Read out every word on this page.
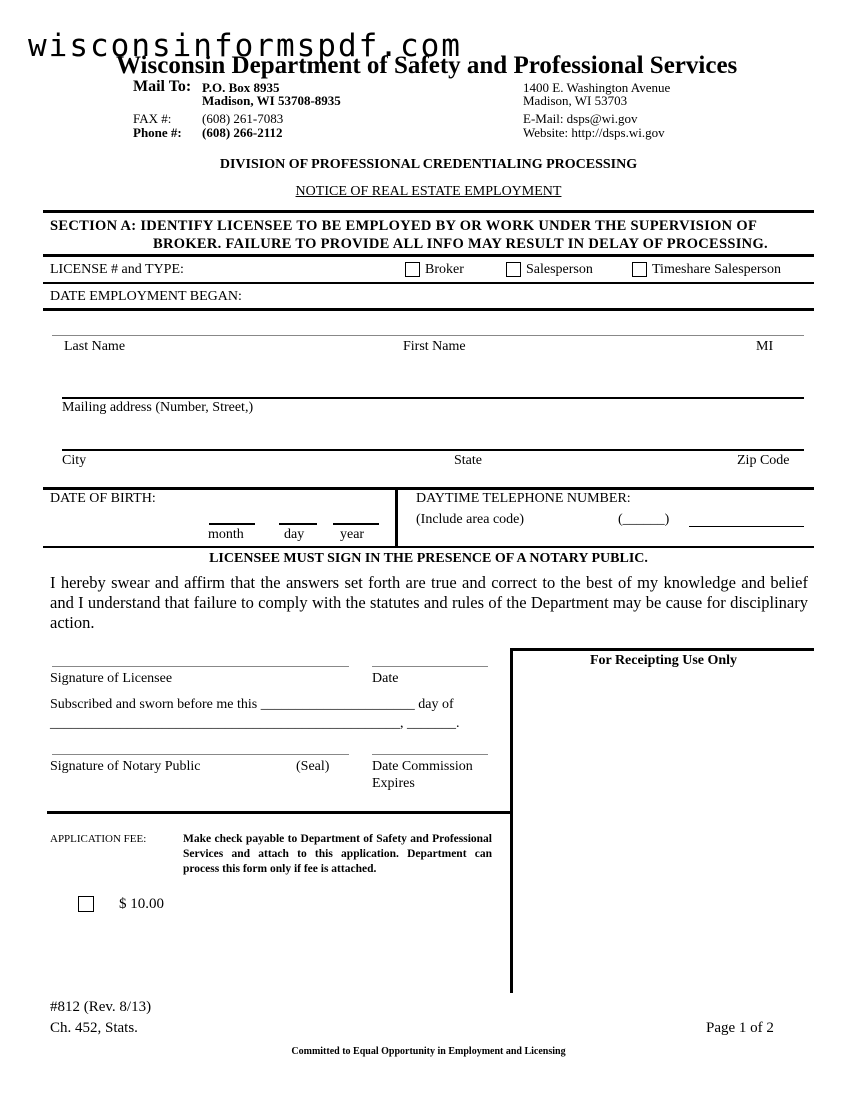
wisconsinformspdf.com
Wisconsin Department of Safety and Professional Services
Mail To: P.O. Box 8935
Madison, WI 53708-8935
1400 E. Washington Avenue
Madison, WI 53703
FAX #: (608) 261-7083
Phone #: (608) 266-2112
E-Mail: dsps@wi.gov
Website: http://dsps.wi.gov
DIVISION OF PROFESSIONAL CREDENTIALING PROCESSING
NOTICE OF REAL ESTATE EMPLOYMENT
SECTION A: IDENTIFY LICENSEE TO BE EMPLOYED BY OR WORK UNDER THE SUPERVISION OF
BROKER. FAILURE TO PROVIDE ALL INFO MAY RESULT IN DELAY OF PROCESSING.
LICENSE # and TYPE:	Broker	Salesperson	Timeshare Salesperson
DATE EMPLOYMENT BEGAN:
Last Name	First Name	MI
Mailing address (Number, Street,)
City	State	Zip Code
DATE OF BIRTH:
month	day	year
DAYTIME TELEPHONE NUMBER:
(Include area code)	(______)
LICENSEE MUST SIGN IN THE PRESENCE OF A NOTARY PUBLIC.
I hereby swear and affirm that the answers set forth are true and correct to the best of my knowledge and belief and I understand that failure to comply with the statutes and rules of the Department may be cause for disciplinary action.
For Receipting Use Only
Signature of Licensee	Date
Subscribed and sworn before me this ______________________ day of
__________________________________________________, _______.
Signature of Notary Public	(Seal)	Date Commission
Expires
APPLICATION FEE:	Make check payable to Department of Safety and Professional Services and attach to this application. Department can process this form only if fee is attached.
$ 10.00
#812 (Rev. 8/13)
Ch. 452, Stats.	Page 1 of 2
Committed to Equal Opportunity in Employment and Licensing
